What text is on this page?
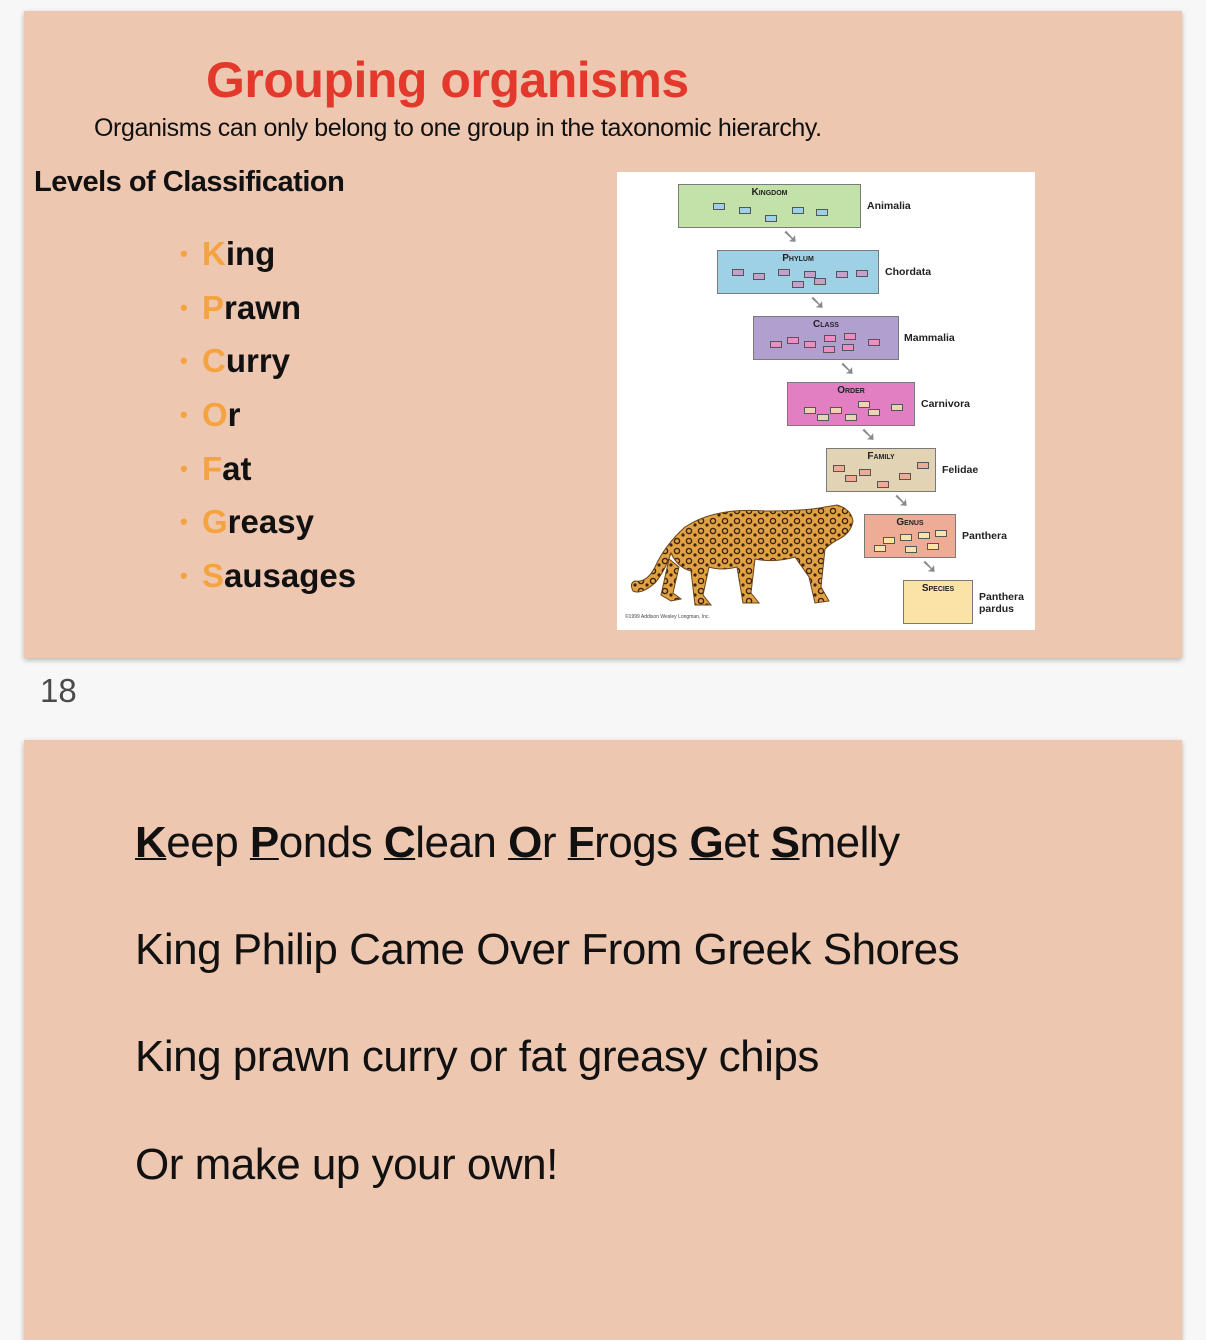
Grouping organisms
Organisms can only belong to one group in the taxonomic hierarchy.
Levels of Classification
• K ing
• P rawn
• C urry
• O r
• F at
• G reasy
• S ausages
Kingdom
Animalia
➘
Phylum
Chordata
➘
Class
Mammalia
➘
Order
Carnivora
➘
Family
Felidae
➘
Genus
Panthera
➘
Species
Panthera
pardus
©1999 Addison Wesley Longman, Inc.
18
Keep Ponds Clean Or Frogs Get Smelly
King Philip Came Over From Greek Shores
King prawn curry or fat greasy chips
Or make up your own!
